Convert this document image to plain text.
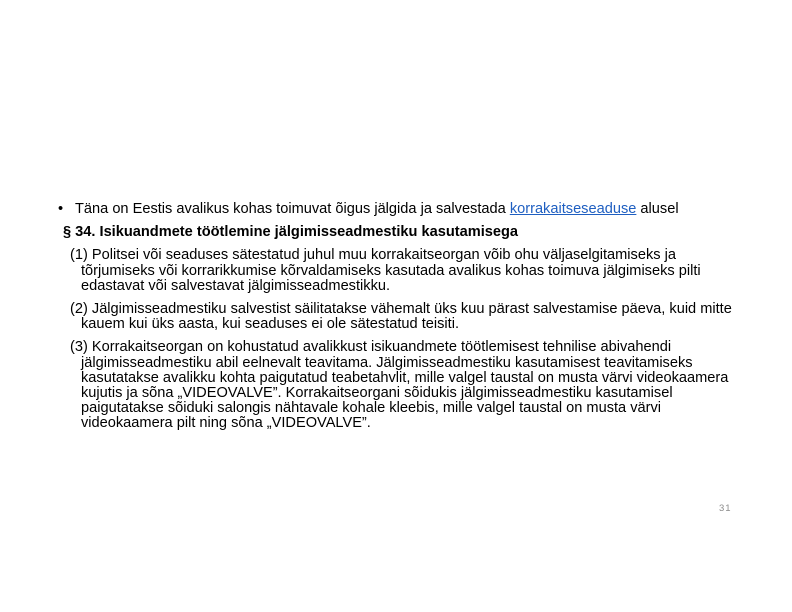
• Täna on Eestis avalikus kohas toimuvat õigus jälgida ja salvestada korrakaitseseaduse alusel
§ 34. Isikuandmete töötlemine jälgimisseadmestiku kasutamisega
(1) Politsei või seaduses sätestatud juhul muu korrakaitseorgan võib ohu väljaselgitamiseks ja tõrjumiseks või korrarikkumise kõrvaldamiseks kasutada avalikus kohas toimuva jälgimiseks pilti edastavat või salvestavat jälgimisseadmestikku.
(2) Jälgimisseadmestiku salvestist säilitatakse vähemalt üks kuu pärast salvestamise päeva, kuid mitte kauem kui üks aasta, kui seaduses ei ole sätestatud teisiti.
(3) Korrakaitseorgan on kohustatud avalikkust isikuandmete töötlemisest tehnilise abivahendi jälgimisseadmestiku abil eelnevalt teavitama. Jälgimisseadmestiku kasutamisest teavitamiseks kasutatakse avalikku kohta paigutatud teabetahvlit, mille valgel taustal on musta värvi videokaamera kujutis ja sõna „VIDEOVALVE”. Korrakaitseorgani sõidukis jälgimisseadmestiku kasutamisel paigutatakse sõiduki salongis nähtavale kohale kleebis, mille valgel taustal on musta värvi videokaamera pilt ning sõna „VIDEOVALVE”.
31
